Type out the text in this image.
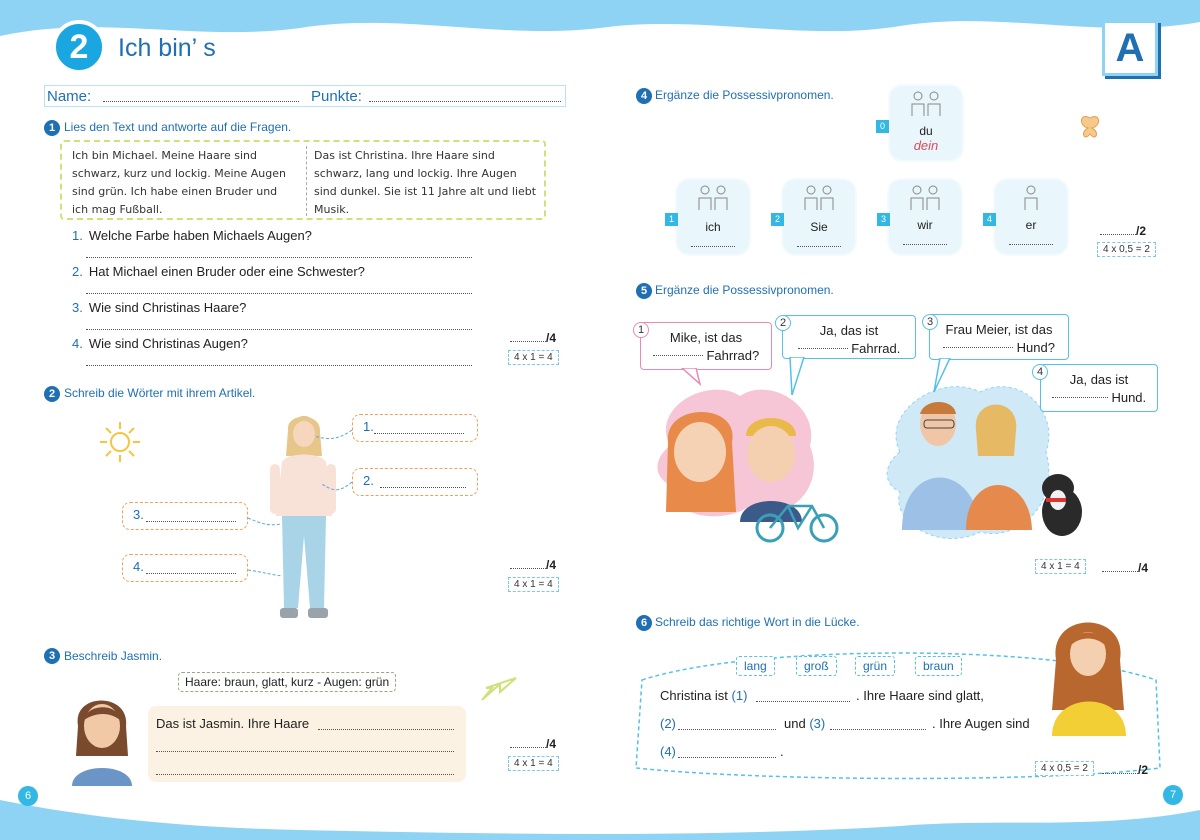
2	Ich bin’ s	A
Name:	Punkte:
1 Lies den Text und antworte auf die Fragen.
Ich bin Michael. Meine Haare sind schwarz, kurz und lockig. Meine Augen sind grün. Ich habe einen Bruder und ich mag Fußball.
Das ist Christina. Ihre Haare sind schwarz, lang und lockig. Ihre Augen sind dunkel. Sie ist 11 Jahre alt und liebt Musik.
1. Welche Farbe haben Michaels Augen?
2. Hat Michael einen Bruder oder eine Schwester?
3. Wie sind Christinas Haare?
4. Wie sind Christinas Augen?	/4
4 x 1 = 4
2 Schreib die Wörter mit ihrem Artikel.
1.
2.
3.
4.	/4
4 x 1 = 4
3 Beschreib Jasmin.
Haare: braun, glatt, kurz - Augen: grün
Das ist Jasmin. Ihre Haare
/4
4 x 1 = 4
6
4 Ergänze die Possessivpronomen.
du
dein
0
ich
1
Sie
2	wir
3	er
4
/2
4 x 0,5 = 2
5 Ergänze die Possessivpronomen.
Mike, ist das
Fahrrad?
1	Ja, das ist
Fahrrad.
2	Frau Meier, ist das
Hund?
3
Ja, das ist
Hund.
4
4 x 1 = 4	/4
6 Schreib das richtige Wort in die Lücke.
lang	groß	grün	braun
Christina ist (1)	. Ihre Haare sind glatt,
(2)	und (3)	. Ihre Augen sind
(4)	.
4 x 0,5 = 2	/2
7
